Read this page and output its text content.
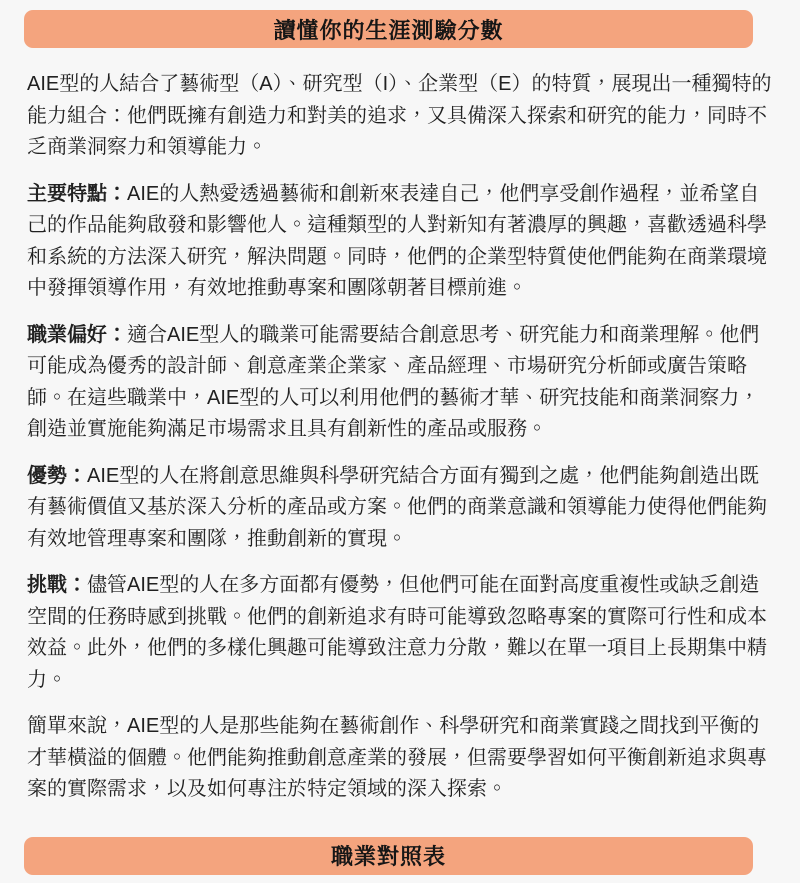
讀懂你的生涯測驗分數

AIE型的人結合了藝術型（A）、研究型（I）、企業型（E）的特質，展現出一種獨特的能力組合：他們既擁有創造力和對美的追求，又具備深入探索和研究的能力，同時不乏商業洞察力和領導能力。

主要特點：AIE的人熱愛透過藝術和創新來表達自己，他們享受創作過程，並希望自己的作品能夠啟發和影響他人。這種類型的人對新知有著濃厚的興趣，喜歡透過科學和系統的方法深入研究，解決問題。同時，他們的企業型特質使他們能夠在商業環境中發揮領導作用，有效地推動專案和團隊朝著目標前進。

職業偏好：適合AIE型人的職業可能需要結合創意思考、研究能力和商業理解。他們可能成為優秀的設計師、創意產業企業家、產品經理、市場研究分析師或廣告策略師。在這些職業中，AIE型的人可以利用他們的藝術才華、研究技能和商業洞察力，創造並實施能夠滿足市場需求且具有創新性的產品或服務。

優勢：AIE型的人在將創意思維與科學研究結合方面有獨到之處，他們能夠創造出既有藝術價值又基於深入分析的產品或方案。他們的商業意識和領導能力使得他們能夠有效地管理專案和團隊，推動創新的實現。

挑戰：儘管AIE型的人在多方面都有優勢，但他們可能在面對高度重複性或缺乏創造空間的任務時感到挑戰。他們的創新追求有時可能導致忽略專案的實際可行性和成本效益。此外，他們的多樣化興趣可能導致注意力分散，難以在單一項目上長期集中精力。

簡單來說，AIE型的人是那些能夠在藝術創作、科學研究和商業實踐之間找到平衡的才華橫溢的個體。他們能夠推動創意產業的發展，但需要學習如何平衡創新追求與專案的實際需求，以及如何專注於特定領域的深入探索。

職業對照表
